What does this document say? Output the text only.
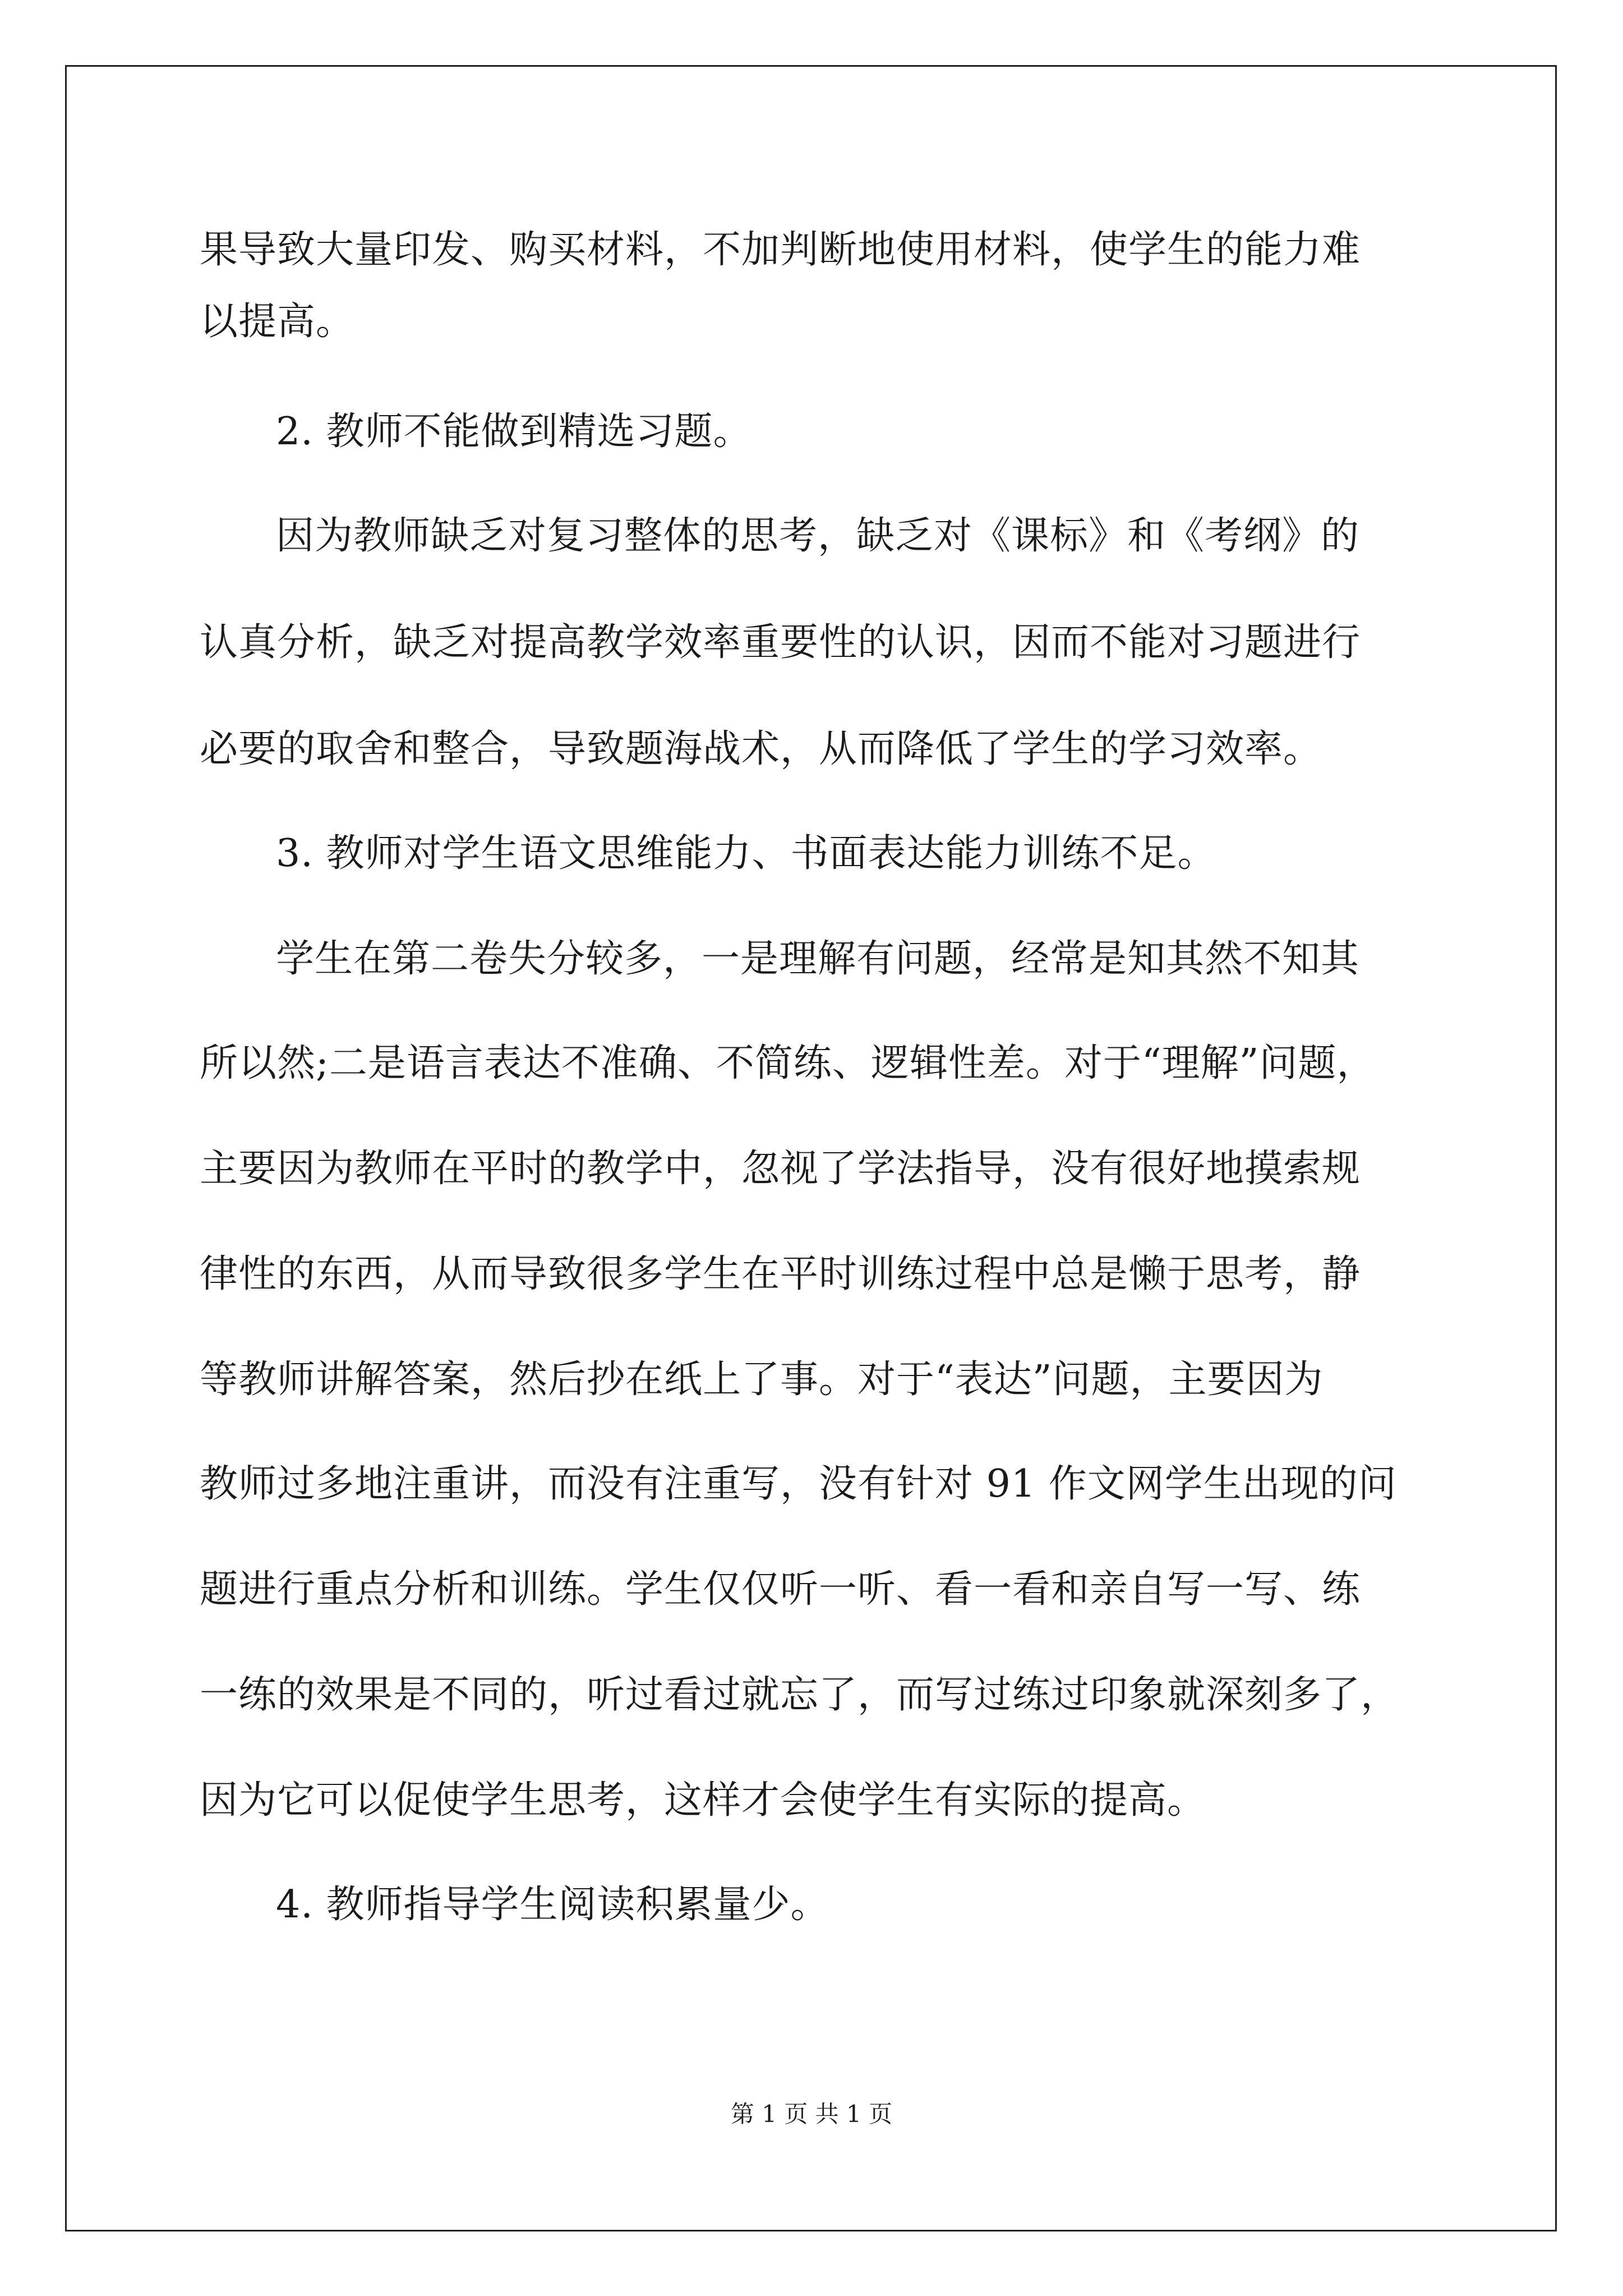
果导致大量印发、购买材料，不加判断地使用材料，使学生的能力难
以提高。
2. 教师不能做到精选习题。
因为教师缺乏对复习整体的思考，缺乏对《课标》和《考纲》的
认真分析，缺乏对提高教学效率重要性的认识，因而不能对习题进行
必要的取舍和整合，导致题海战术，从而降低了学生的学习效率。
3. 教师对学生语文思维能力、书面表达能力训练不足。
学生在第二卷失分较多，一是理解有问题，经常是知其然不知其
所以然;二是语言表达不准确、不简练、逻辑性差。对于“理解”问题，
主要因为教师在平时的教学中，忽视了学法指导，没有很好地摸索规
律性的东西，从而导致很多学生在平时训练过程中总是懒于思考，静
等教师讲解答案，然后抄在纸上了事。对于“表达”问题，主要因为
教师过多地注重讲，而没有注重写，没有针对 91 作文网学生出现的问
题进行重点分析和训练。学生仅仅听一听、看一看和亲自写一写、练
一练的效果是不同的，听过看过就忘了，而写过练过印象就深刻多了，
因为它可以促使学生思考，这样才会使学生有实际的提高。
4. 教师指导学生阅读积累量少。
第 1 页 共 1 页
